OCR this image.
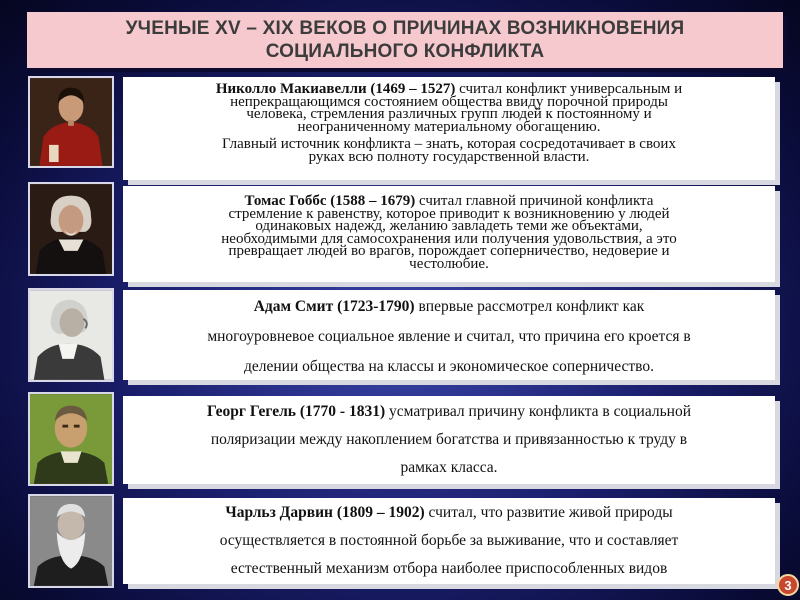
УЧЕНЫЕ XV – XIX ВЕКОВ О ПРИЧИНАХ ВОЗНИКНОВЕНИЯ
СОЦИАЛЬНОГО КОНФЛИКТА

Николло Макиавелли (1469 – 1527) считал конфликт универсальным и

непрекращающимся состоянием общества ввиду порочной природы

человека, стремления различных групп людей к постоянному и

неограниченному материальному обогащению.

Главный источник конфликта – знать, которая сосредотачивает в своих

руках всю полноту государственной власти.

Томас Гоббс (1588 – 1679) считал главной причиной конфликта

стремление к равенству, которое приводит к возникновению у людей

одинаковых надежд, желанию завладеть теми же объектами,

необходимыми для самосохранения или получения удовольствия, а это

превращает людей во врагов, порождает соперничество, недоверие и

честолюбие.

Адам Смит (1723-1790) впервые рассмотрел конфликт как

многоуровневое социальное явление и считал, что причина его кроется в

делении общества на классы и экономическое соперничество.

Георг Гегель (1770 - 1831) усматривал причину конфликта в социальной

поляризации между накоплением богатства и привязанностью к труду в

рамках класса.

Чарльз Дарвин (1809 – 1902) считал, что развитие живой природы

осуществляется в постоянной борьбе за выживание, что и составляет

естественный механизм отбора наиболее приспособленных видов

3
